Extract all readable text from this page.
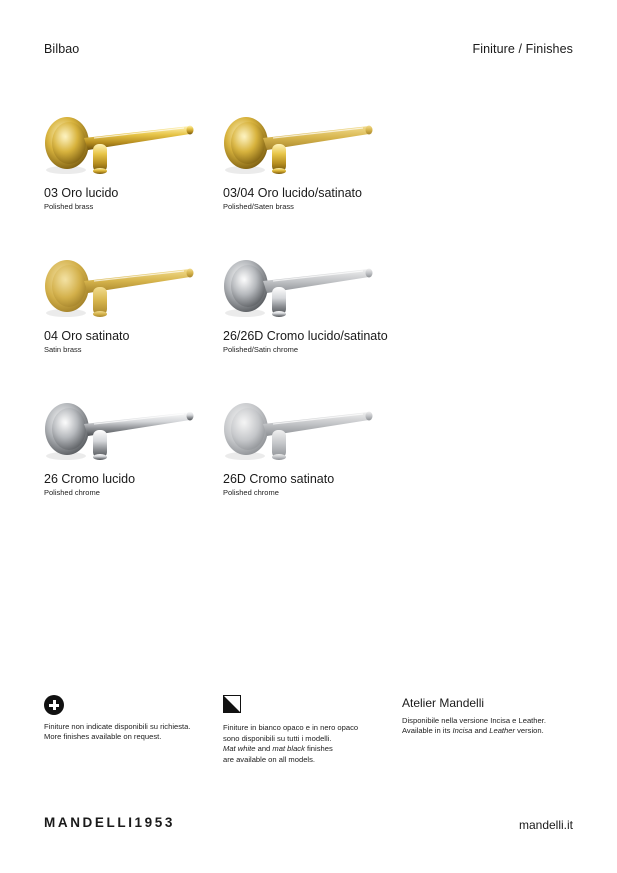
Bilbao	Finiture / Finishes
03 Oro lucido
Polished brass
03/04 Oro lucido/satinato
Polished/Saten brass
04 Oro satinato
Satin brass
26/26D Cromo lucido/satinato
Polished/Satin chrome
26 Cromo lucido
Polished chrome
26D Cromo satinato
Polished chrome
Finiture non indicate disponibili su richiesta.
More finishes available on request.
Finiture in bianco opaco e in nero opaco
sono disponibili su tutti i modelli.
Mat white and mat black finishes
are available on all models.
Atelier Mandelli
Disponibile nella versione Incisa e Leather.
Available in its Incisa and Leather version.
MANDELLI1953	mandelli.it
